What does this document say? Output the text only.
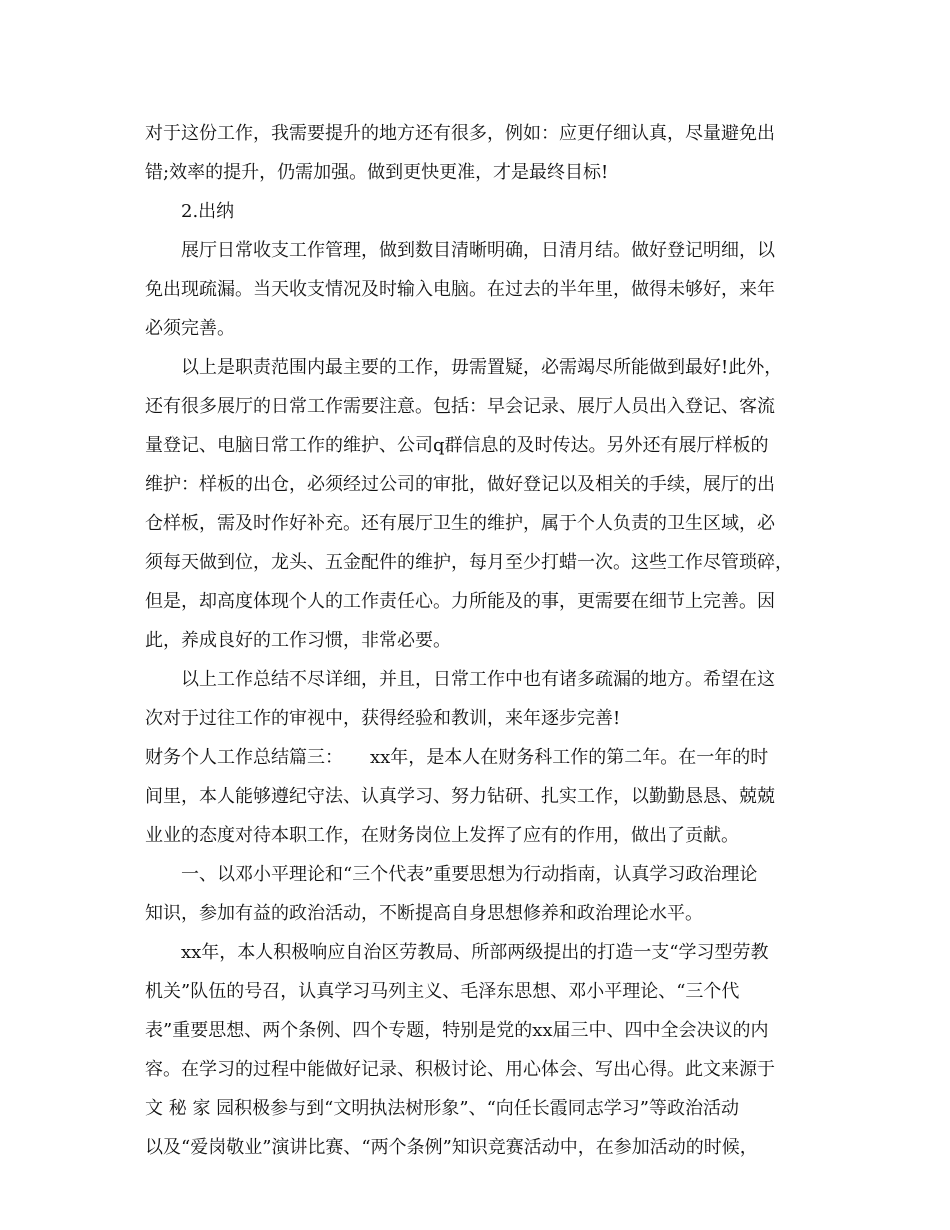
对于这份工作，我需要提升的地方还有很多，例如：应更仔细认真，尽量避免出
错;效率的提升，仍需加强。做到更快更准，才是最终目标!
2.出纳
展厅日常收支工作管理，做到数目清晰明确，日清月结。做好登记明细，以
免出现疏漏。当天收支情况及时输入电脑。在过去的半年里，做得未够好，来年
必须完善。
以上是职责范围内最主要的工作，毋需置疑，必需竭尽所能做到最好!此外，
还有很多展厅的日常工作需要注意。包括：早会记录、展厅人员出入登记、客流
量登记、电脑日常工作的维护、公司q群信息的及时传达。另外还有展厅样板的
维护：样板的出仓，必须经过公司的审批，做好登记以及相关的手续，展厅的出
仓样板，需及时作好补充。还有展厅卫生的维护，属于个人负责的卫生区域，必
须每天做到位，龙头、五金配件的维护，每月至少打蜡一次。这些工作尽管琐碎，
但是，却高度体现个人的工作责任心。力所能及的事，更需要在细节上完善。因
此，养成良好的工作习惯，非常必要。
以上工作总结不尽详细，并且，日常工作中也有诸多疏漏的地方。希望在这
次对于过往工作的审视中，获得经验和教训，来年逐步完善!
财务个人工作总结篇三：　　xx年，是本人在财务科工作的第二年。在一年的时
间里，本人能够遵纪守法、认真学习、努力钻研、扎实工作，以勤勤恳恳、兢兢
业业的态度对待本职工作，在财务岗位上发挥了应有的作用，做出了贡献。
一、以邓小平理论和“三个代表”重要思想为行动指南，认真学习政治理论
知识，参加有益的政治活动，不断提高自身思想修养和政治理论水平。
xx年，本人积极响应自治区劳教局、所部两级提出的打造一支“学习型劳教
机关”队伍的号召，认真学习马列主义、毛泽东思想、邓小平理论、“三个代
表”重要思想、两个条例、四个专题，特别是党的xx届三中、四中全会决议的内
容。在学习的过程中能做好记录、积极讨论、用心体会、写出心得。此文来源于
文 秘 家 园积极参与到“文明执法树形象”、“向任长霞同志学习”等政治活动
以及“爱岗敬业”演讲比赛、“两个条例”知识竞赛活动中，在参加活动的时候，
